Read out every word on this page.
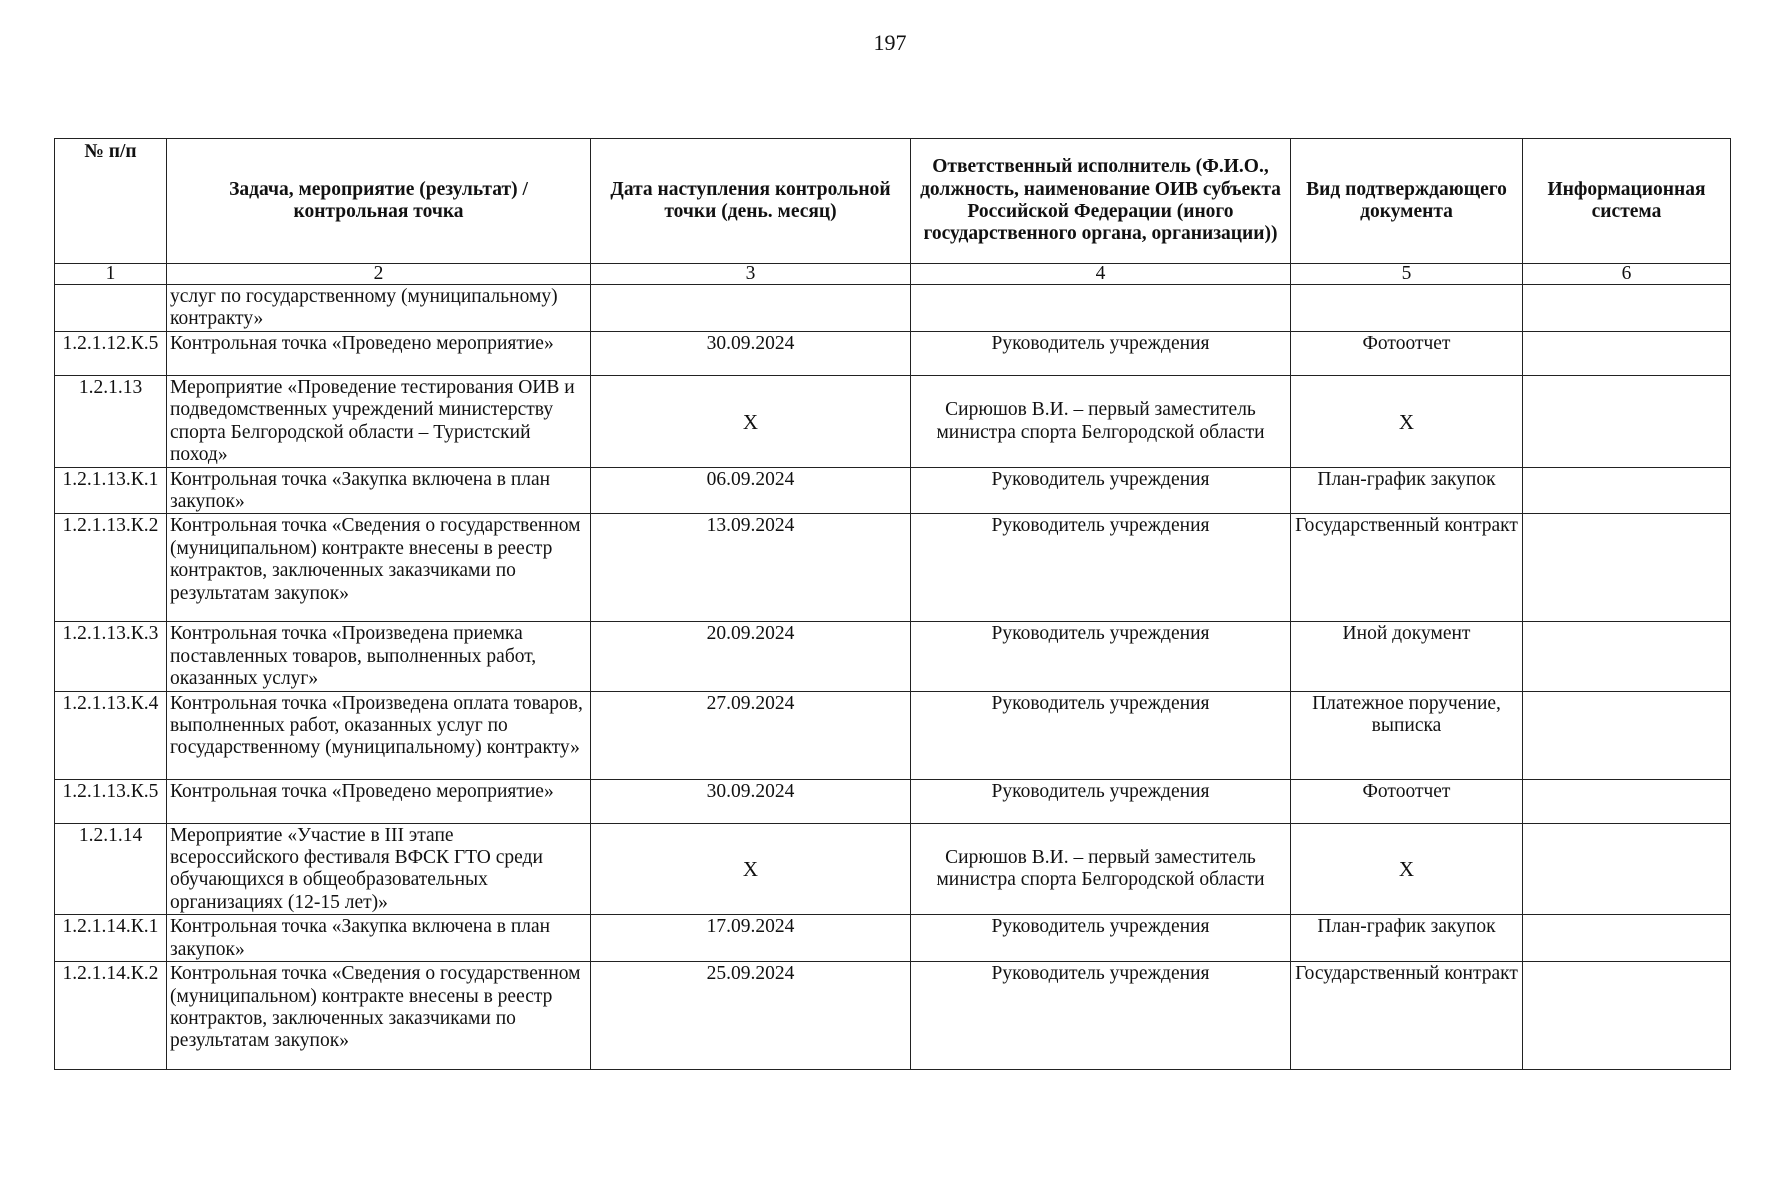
197
№ п/п	Задача, мероприятие (результат) / контрольная точка	Дата наступления контрольной точки (день. месяц)	Ответственный исполнитель (Ф.И.О., должность, наименование ОИВ субъекта Российской Федерации (иного государственного органа, организации))	Вид подтверждающего документа	Информационная система
1	2	3	4	5	6
	услуг по государственному (муниципальному) контракту»				
1.2.1.12.К.5	Контрольная точка «Проведено мероприятие»	30.09.2024	Руководитель учреждения	Фотоотчет	
1.2.1.13	Мероприятие «Проведение тестирования ОИВ и подведомственных учреждений министерству спорта Белгородской области – Туристский поход»	X	Сирюшов В.И. – первый заместитель министра спорта Белгородской области	X	
1.2.1.13.К.1	Контрольная точка «Закупка включена в план закупок»	06.09.2024	Руководитель учреждения	План-график закупок	
1.2.1.13.К.2	Контрольная точка «Сведения о государственном (муниципальном) контракте внесены в реестр контрактов, заключенных заказчиками по результатам закупок»	13.09.2024	Руководитель учреждения	Государственный контракт	
1.2.1.13.К.3	Контрольная точка «Произведена приемка поставленных товаров, выполненных работ, оказанных услуг»	20.09.2024	Руководитель учреждения	Иной документ	
1.2.1.13.К.4	Контрольная точка «Произведена оплата товаров, выполненных работ, оказанных услуг по государственному (муниципальному) контракту»	27.09.2024	Руководитель учреждения	Платежное поручение, выписка	
1.2.1.13.К.5	Контрольная точка «Проведено мероприятие»	30.09.2024	Руководитель учреждения	Фотоотчет	
1.2.1.14	Мероприятие «Участие в III этапе всероссийского фестиваля ВФСК ГТО среди обучающихся в общеобразовательных организациях (12-15 лет)»	X	Сирюшов В.И. – первый заместитель министра спорта Белгородской области	X	
1.2.1.14.К.1	Контрольная точка «Закупка включена в план закупок»	17.09.2024	Руководитель учреждения	План-график закупок	
1.2.1.14.К.2	Контрольная точка «Сведения о государственном (муниципальном) контракте внесены в реестр контрактов, заключенных заказчиками по результатам закупок»	25.09.2024	Руководитель учреждения	Государственный контракт	
